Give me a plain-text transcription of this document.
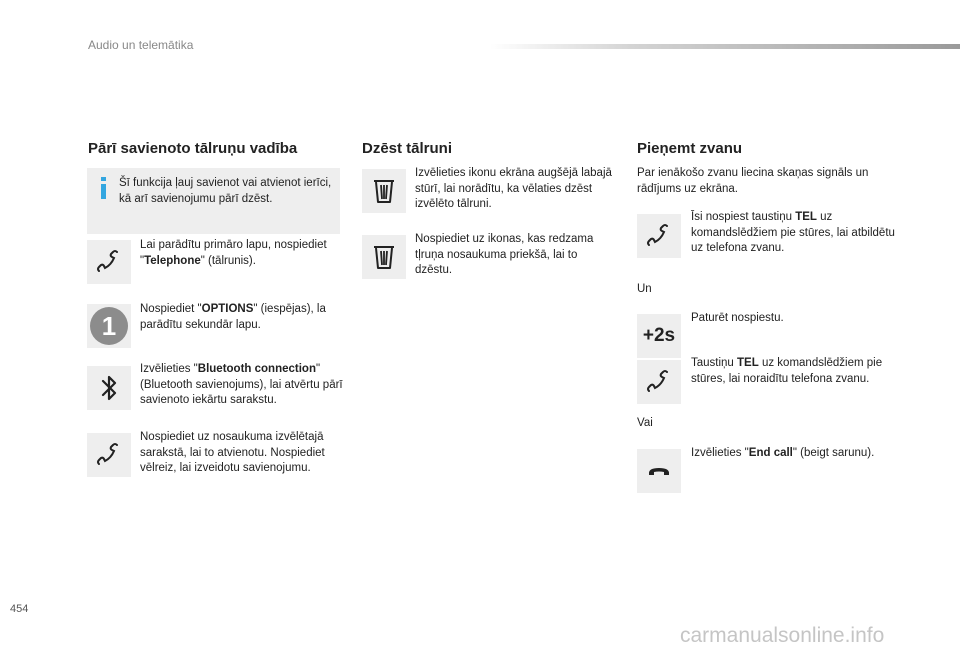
Audio un telemātika
Pārī savienoto tālruņu vadība
Šī funkcija ļauj savienot vai atvienot ierīci, kā arī savienojumu pārī dzēst.
Lai parādītu primāro lapu, nospiediet "Telephone" (tālrunis).
1
Nospiediet "OPTIONS" (iespējas), la parādītu sekundār lapu.
Izvēlieties "Bluetooth connection" (Bluetooth savienojums), lai atvērtu pārī savienoto iekārtu sarakstu.
Nospiediet uz nosaukuma izvēlētajā sarakstā, lai to atvienotu. Nospiediet vēlreiz, lai izveidotu savienojumu.
Dzēst tālruni
Izvēlieties ikonu ekrāna augšējā labajā stūrī, lai norādītu, ka vēlaties dzēst izvēlēto tālruni.
Nospiediet uz ikonas, kas redzama tļruņa nosaukuma priekšā, lai to dzēstu.
Pieņemt zvanu
Par ienākošo zvanu liecina skaņas signāls un rādījums uz ekrāna.
Īsi nospiest taustiņu TEL uz komandslēdžiem pie stūres, lai atbildētu uz telefona zvanu.
Un
+2s
Paturēt nospiestu.
Taustiņu TEL uz komandslēdžiem pie stūres, lai noraidītu telefona zvanu.
Vai
Izvēlieties "End call" (beigt sarunu).
454
carmanualsonline.info
